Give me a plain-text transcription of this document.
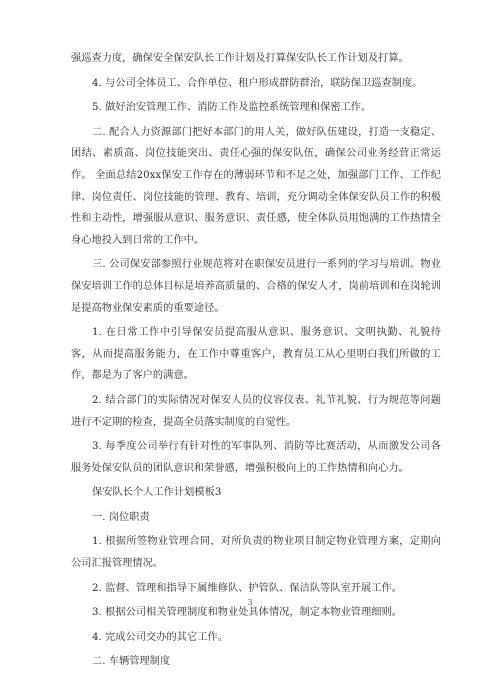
强巡查力度，确保安全保安队长工作计划及打算保安队长工作计划及打算。

4. 与公司全体员工、合作单位、租户形成群防群治，联防保卫巡查制度。

5. 做好治安管理工作、消防工作及监控系统管理和保密工作。

二. 配合人力资源部门把好本部门的用人关，做好队伍建设，打造一支稳定、团结、素质高、岗位技能突出、责任心强的保安队伍，确保公司业务经营正常运作。 全面总结20xx保安工作存在的薄弱环节和不足之处，加强部门工作、工作纪律、岗位责任、岗位技能的管理、教育、培训，充分调动全体保安队员工作的积极性和主动性，增强服从意识、服务意识、责任感，使全体队员用饱满的工作热情全身心地投入到日常的工作中。

三. 公司保安部参照行业规范将对在职保安员进行一系列的学习与培训。物业保安培训工作的总体目标是培养高质量的、合格的保安人才，岗前培训和在岗轮训是提高物业保安素质的重要途径。

1. 在日常工作中引导保安员提高服从意识、服务意识、文明执勤、礼貌待客，从而提高服务能力，在工作中尊重客户，教育员工从心里明白我们所做的工作，都是为了客户的满意。

2. 结合部门的实际情况对保安人员的仪容仪表、礼节礼貌、行为规范等问题进行不定期的检查，提高全员落实制度的自觉性。

3. 每季度公司举行有针对性的军事队列、消防等比赛活动，从而激发公司各服务处保安队员的团队意识和荣誉感，增强积极向上的工作热情和向心力。

保安队长个人工作计划模板3

一. 岗位职责

1. 根据所签物业管理合同，对所负责的物业项目制定物业管理方案，定期向公司汇报管理情况。

2. 监督、管理和指导下属维修队、护管队、保洁队等队室开展工作。

3. 根据公司相关管理制度和物业处具体情况，制定本物业管理细则。

4. 完成公司交办的其它工作。

二. 车辆管理制度

3
